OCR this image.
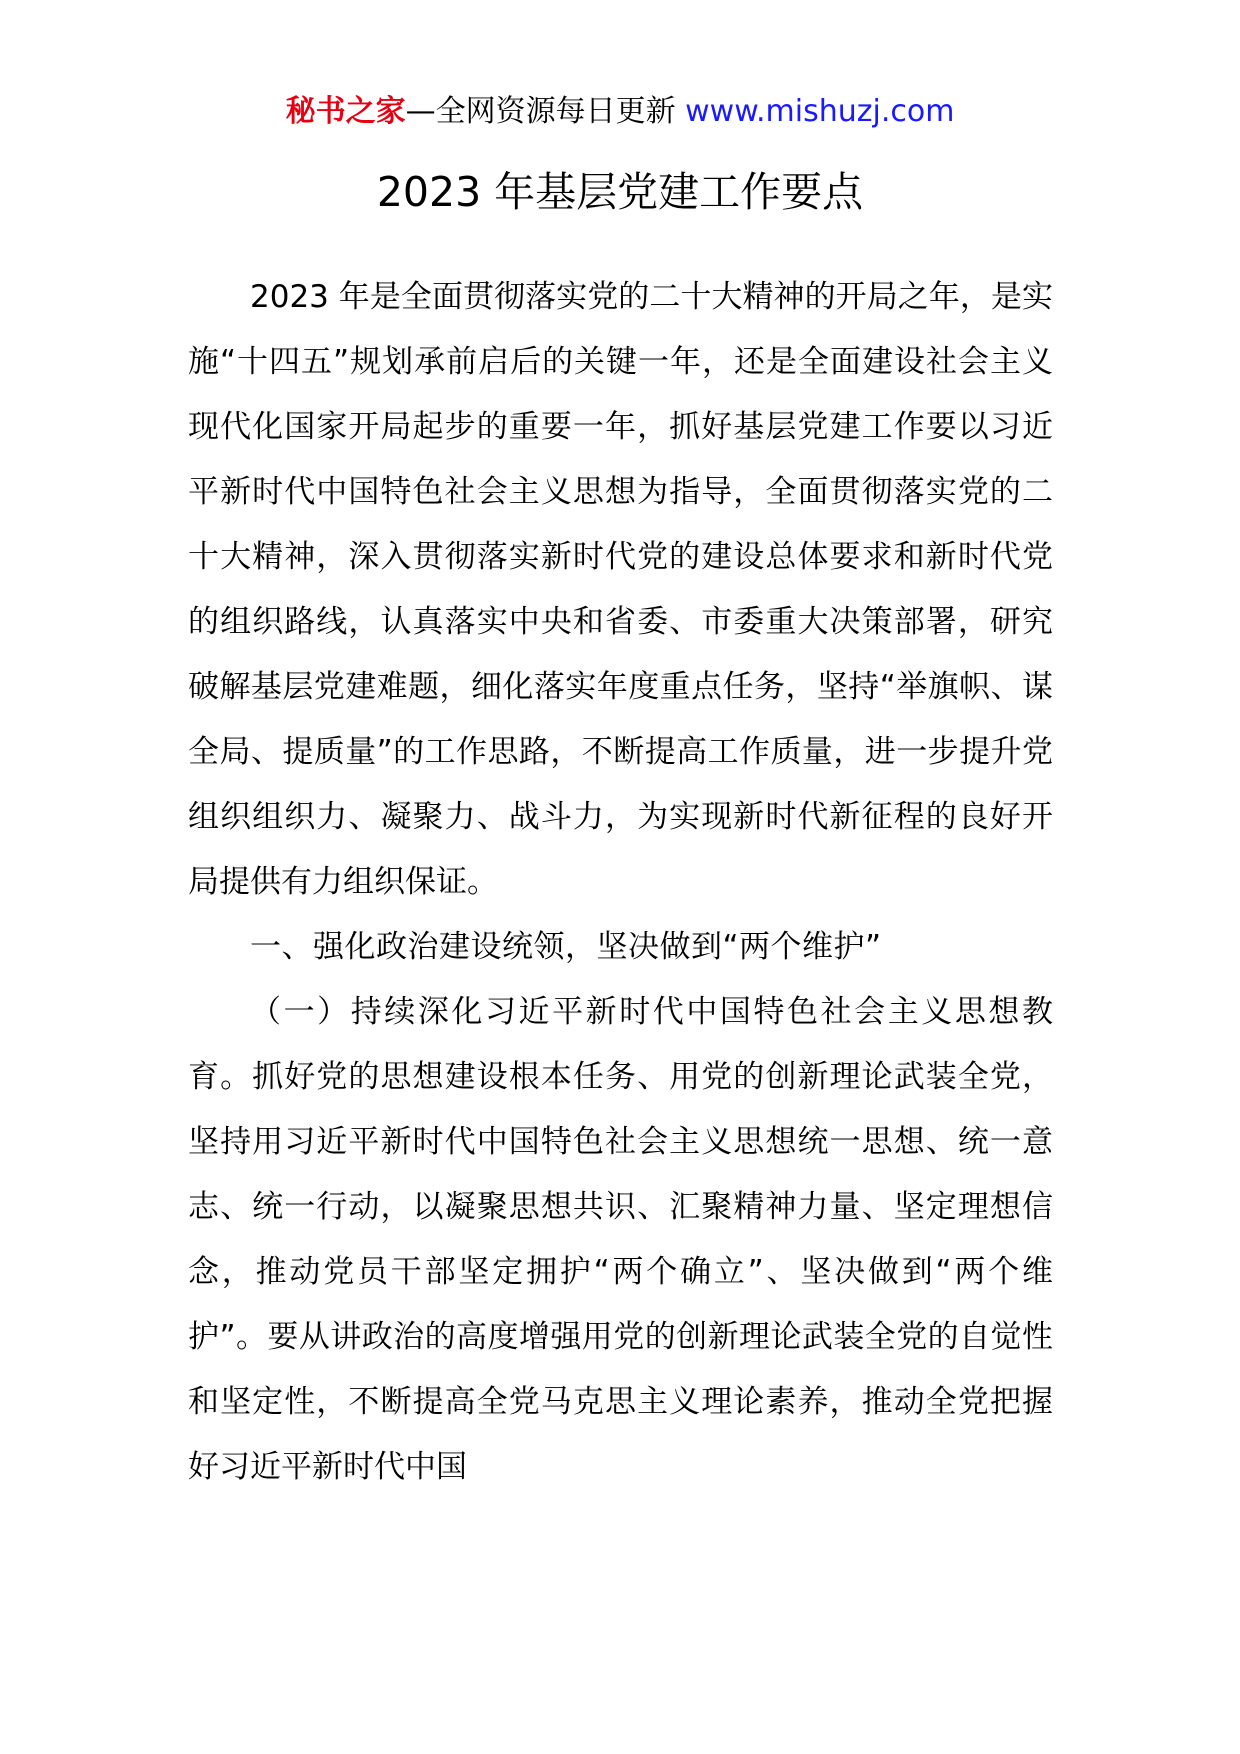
秘书之家—全网资源每日更新 www.mishuzj.com
2023 年基层党建工作要点

2023 年是全面贯彻落实党的二十大精神的开局之年，是实施“十四五”规划承前启后的关键一年，还是全面建设社会主义现代化国家开局起步的重要一年，抓好基层党建工作要以习近平新时代中国特色社会主义思想为指导，全面贯彻落实党的二十大精神，深入贯彻落实新时代党的建设总体要求和新时代党的组织路线，认真落实中央和省委、市委重大决策部署，研究破解基层党建难题，细化落实年度重点任务，坚持“举旗帜、谋全局、提质量”的工作思路，不断提高工作质量，进一步提升党组织组织力、凝聚力、战斗力，为实现新时代新征程的良好开局提供有力组织保证。

一、强化政治建设统领，坚决做到“两个维护”

（一）持续深化习近平新时代中国特色社会主义思想教育。抓好党的思想建设根本任务、用党的创新理论武装全党，坚持用习近平新时代中国特色社会主义思想统一思想、统一意志、统一行动，以凝聚思想共识、汇聚精神力量、坚定理想信念，推动党员干部坚定拥护“两个确立”、坚决做到“两个维护”。要从讲政治的高度增强用党的创新理论武装全党的自觉性和坚定性，不断提高全党马克思主义理论素养，推动全党把握好习近平新时代中国
